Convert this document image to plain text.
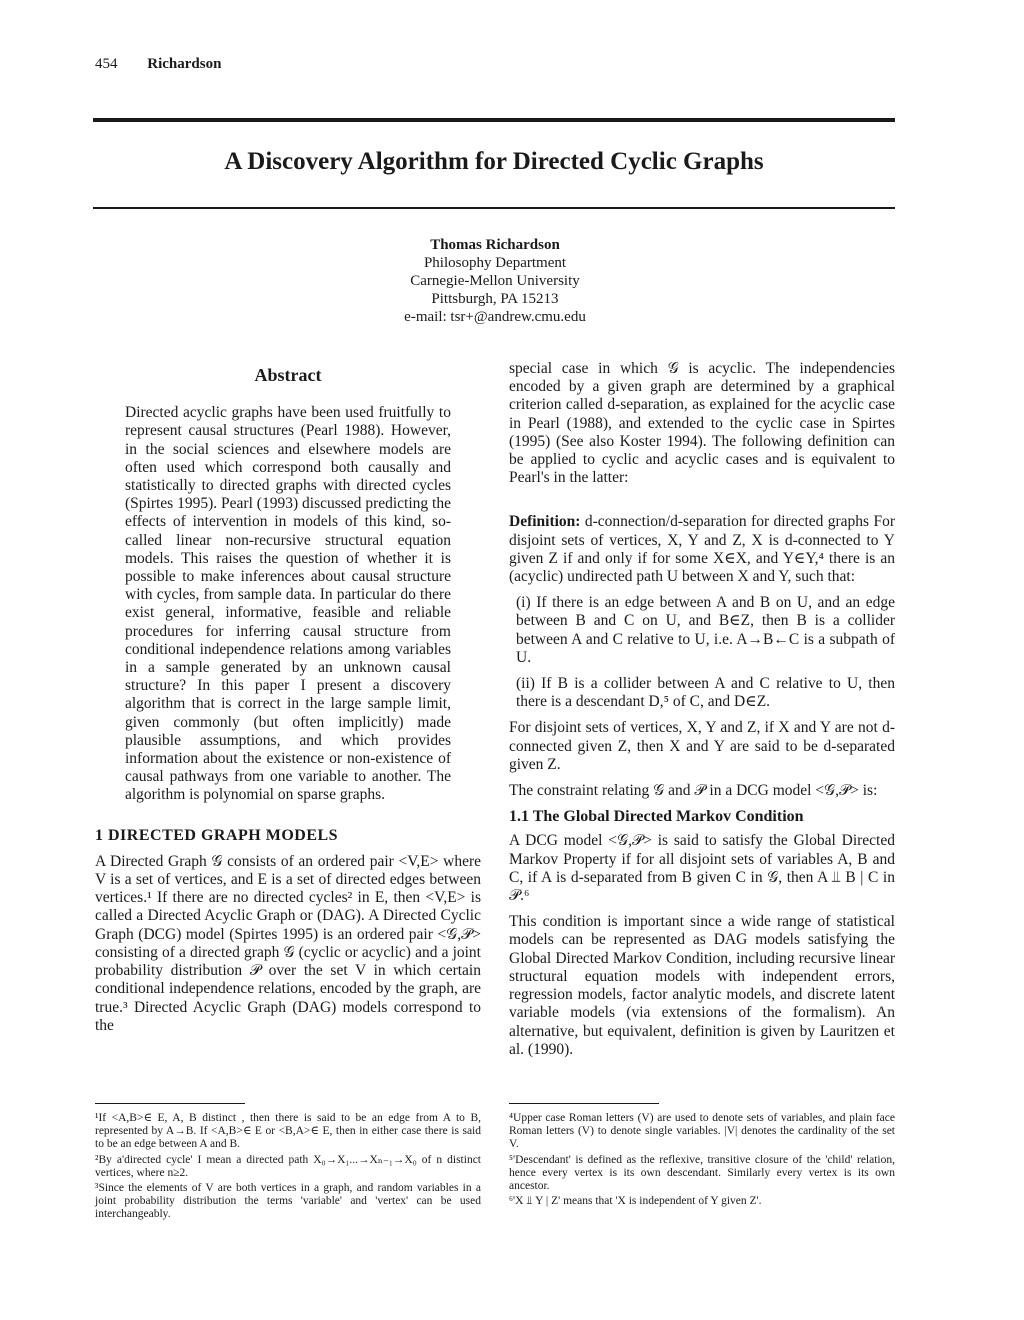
454 Richardson
A Discovery Algorithm for Directed Cyclic Graphs
Thomas Richardson
Philosophy Department
Carnegie-Mellon University
Pittsburgh, PA 15213
e-mail: tsr+@andrew.cmu.edu
Abstract

Directed acyclic graphs have been used fruitfully to represent causal structures (Pearl 1988). However, in the social sciences and elsewhere models are often used which correspond both causally and statistically to directed graphs with directed cycles (Spirtes 1995). Pearl (1993) discussed predicting the effects of intervention in models of this kind, so-called linear non-recursive structural equation models. This raises the question of whether it is possible to make inferences about causal structure with cycles, from sample data. In particular do there exist general, informative, feasible and reliable procedures for inferring causal structure from conditional independence relations among variables in a sample generated by an unknown causal structure? In this paper I present a discovery algorithm that is correct in the large sample limit, given commonly (but often implicitly) made plausible assumptions, and which provides information about the existence or non-existence of causal pathways from one variable to another. The algorithm is polynomial on sparse graphs.

1 DIRECTED GRAPH MODELS

A Directed Graph 𝒢 consists of an ordered pair <V,E> where V is a set of vertices, and E is a set of directed edges between vertices.¹ If there are no directed cycles² in E, then <V,E> is called a Directed Acyclic Graph or (DAG). A Directed Cyclic Graph (DCG) model (Spirtes 1995) is an ordered pair <𝒢,𝒫> consisting of a directed graph 𝒢 (cyclic or acyclic) and a joint probability distribution 𝒫 over the set V in which certain conditional independence relations, encoded by the graph, are true.³ Directed Acyclic Graph (DAG) models correspond to the

special case in which 𝒢 is acyclic. The independencies encoded by a given graph are determined by a graphical criterion called d-separation, as explained for the acyclic case in Pearl (1988), and extended to the cyclic case in Spirtes (1995) (See also Koster 1994). The following definition can be applied to cyclic and acyclic cases and is equivalent to Pearl's in the latter:

Definition: d-connection/d-separation for directed graphs For disjoint sets of vertices, X, Y and Z, X is d-connected to Y given Z if and only if for some X∈X, and Y∈Y,⁴ there is an (acyclic) undirected path U between X and Y, such that:

(i) If there is an edge between A and B on U, and an edge between B and C on U, and B∈Z, then B is a collider between A and C relative to U, i.e. A→B←C is a subpath of U.

(ii) If B is a collider between A and C relative to U, then there is a descendant D,⁵ of C, and D∈Z.

For disjoint sets of vertices, X, Y and Z, if X and Y are not d-connected given Z, then X and Y are said to be d-separated given Z.

The constraint relating 𝒢 and 𝒫 in a DCG model <𝒢,𝒫> is:

1.1 The Global Directed Markov Condition

A DCG model <𝒢,𝒫> is said to satisfy the Global Directed Markov Property if for all disjoint sets of variables A, B and C, if A is d-separated from B given C in 𝒢, then A ⫫ B | C in 𝒫.⁶

This condition is important since a wide range of statistical models can be represented as DAG models satisfying the Global Directed Markov Condition, including recursive linear structural equation models with independent errors, regression models, factor analytic models, and discrete latent variable models (via extensions of the formalism). An alternative, but equivalent, definition is given by Lauritzen et al. (1990).

¹If <A,B>∈ E, A, B distinct , then there is said to be an edge from A to B, represented by A→B. If <A,B>∈ E or <B,A>∈ E, then in either case there is said to be an edge between A and B.

²By a'directed cycle' I mean a directed path X₀→X₁...→Xₙ₋₁→X₀ of n distinct vertices, where n≥2.

³Since the elements of V are both vertices in a graph, and random variables in a joint probability distribution the terms 'variable' and 'vertex' can be used interchangeably.

⁴Upper case Roman letters (V) are used to denote sets of variables, and plain face Roman letters (V) to denote single variables. |V| denotes the cardinality of the set V.

⁵'Descendant' is defined as the reflexive, transitive closure of the 'child' relation, hence every vertex is its own descendant. Similarly every vertex is its own ancestor.

⁶'X ⫫ Y | Z' means that 'X is independent of Y given Z'.
